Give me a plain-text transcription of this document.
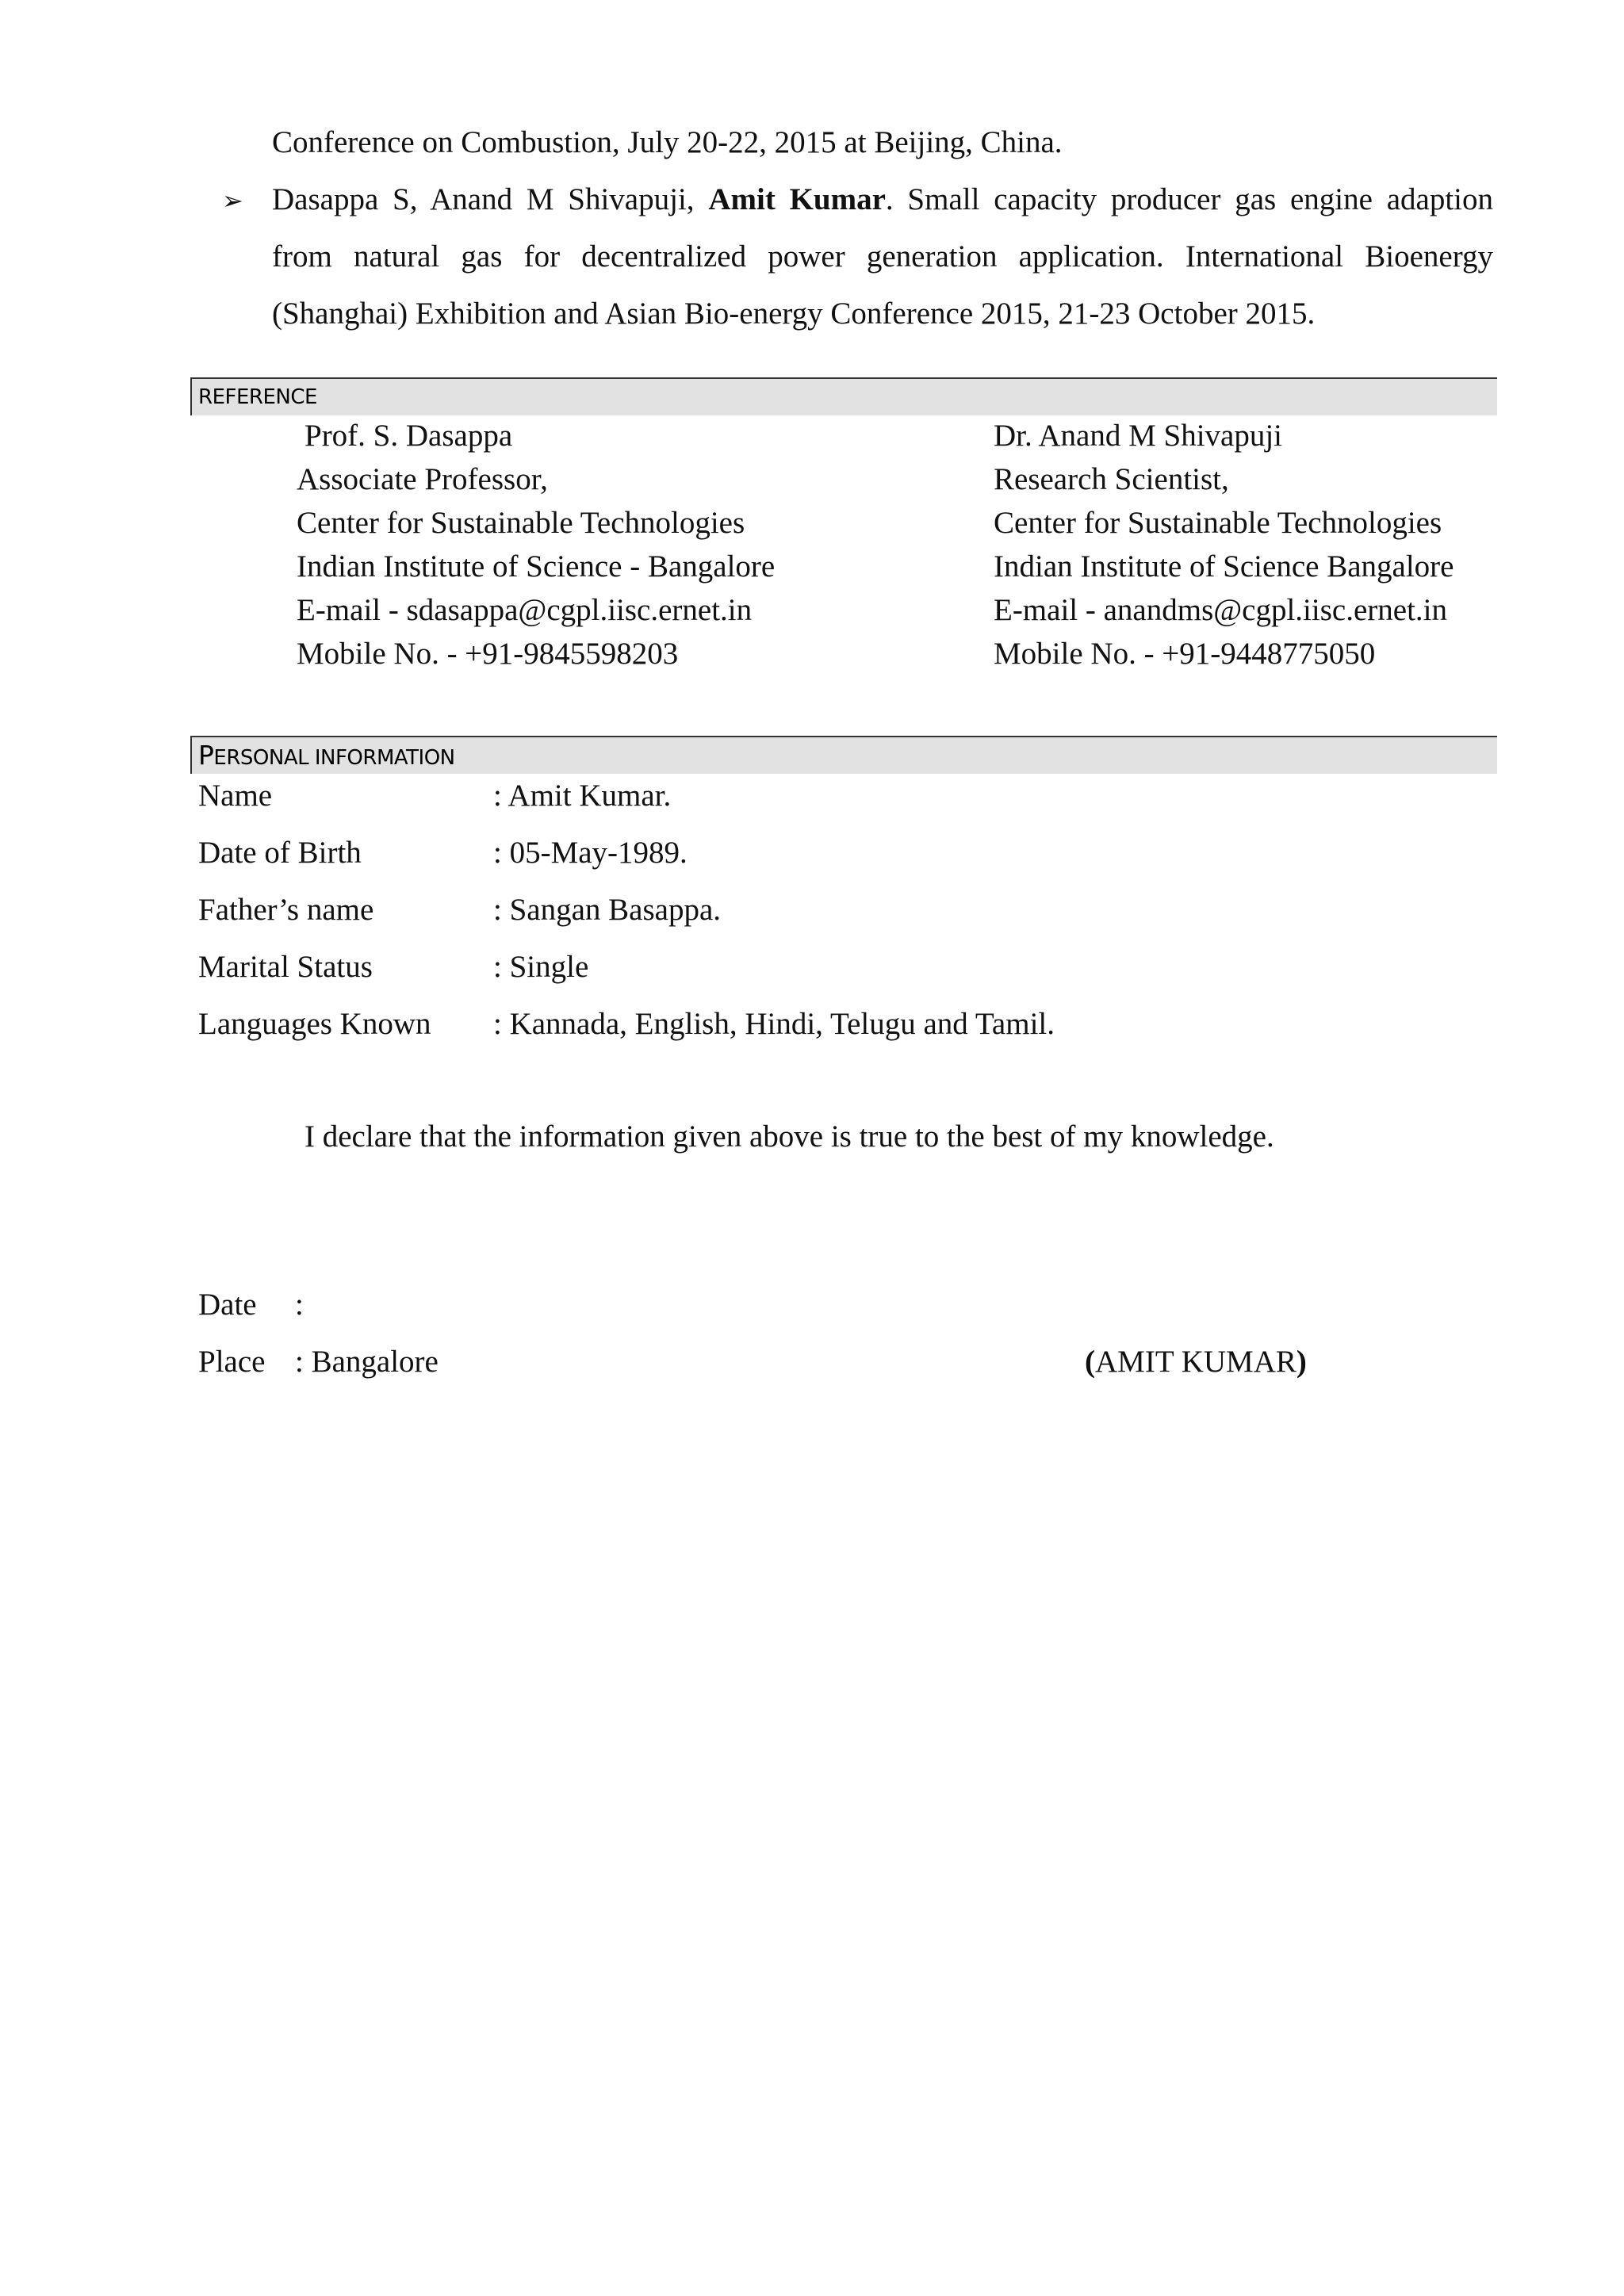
Conference on Combustion, July 20-22, 2015 at Beijing, China.
➢ Dasappa S, Anand M Shivapuji, Amit Kumar. Small capacity producer gas engine adaption
from natural gas for decentralized power generation application. International Bioenergy
(Shanghai) Exhibition and Asian Bio-energy Conference 2015, 21-23 October 2015.
REFERENCE
Prof. S. Dasappa
Associate Professor,
Center for Sustainable Technologies
Indian Institute of Science - Bangalore
E-mail - sdasappa@cgpl.iisc.ernet.in
Mobile No. - +91-9845598203
Dr. Anand M Shivapuji
Research Scientist,
Center for Sustainable Technologies
Indian Institute of Science Bangalore
E-mail - anandms@cgpl.iisc.ernet.in
Mobile No. - +91-9448775050
PERSONAL INFORMATION
Name	: Amit Kumar.
Date of Birth	: 05-May-1989.
Father’s name	: Sangan Basappa.
Marital Status	: Single
Languages Known : Kannada, English, Hindi, Telugu and Tamil.
I declare that the information given above is true to the best of my knowledge.
Date :
Place : Bangalore	(AMIT KUMAR)
